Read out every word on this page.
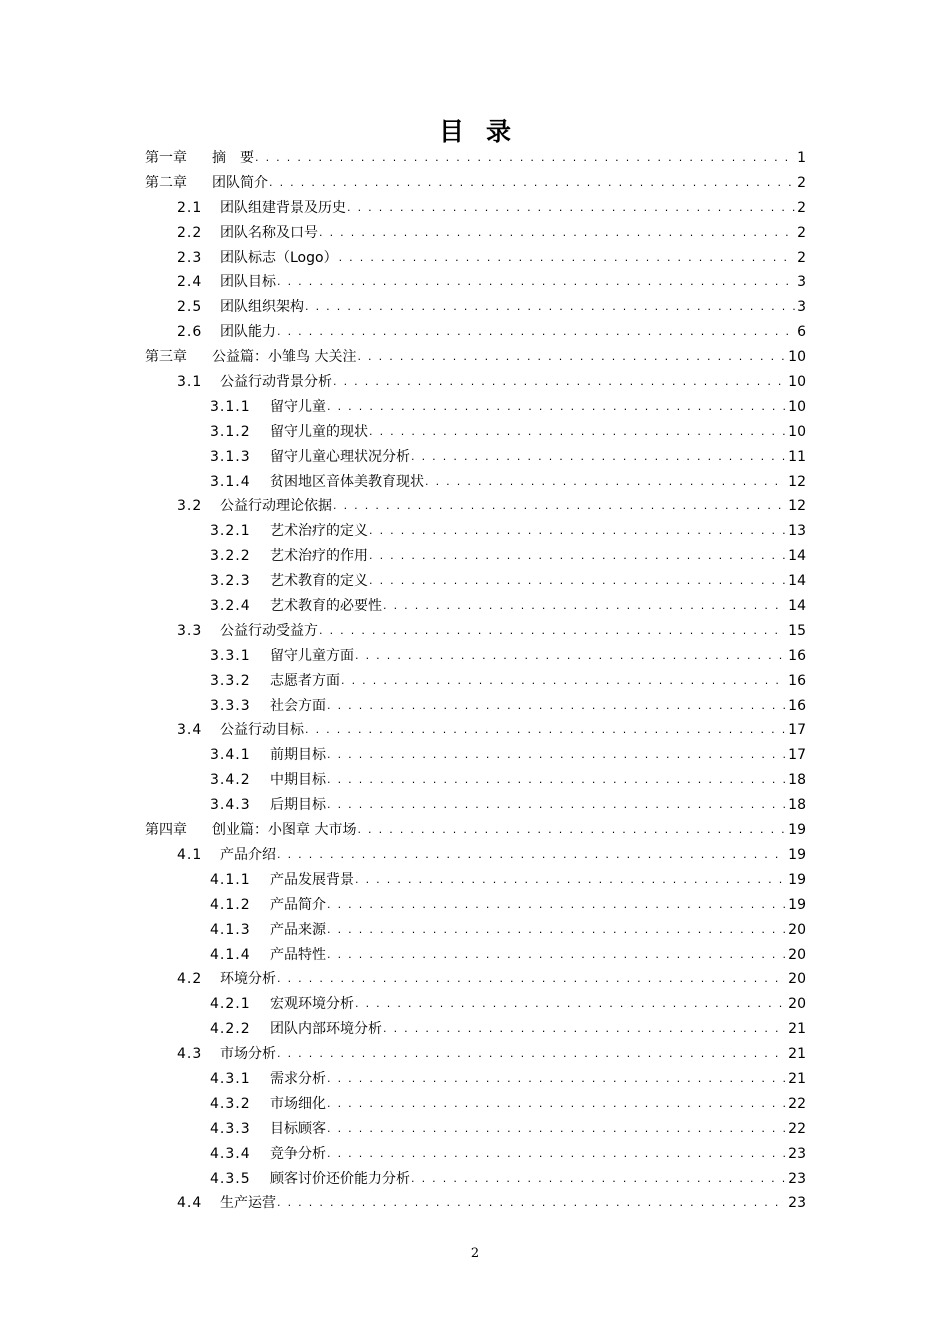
目录
第一章	摘　要 . . .	1
第二章	团队简介 . . .	2
2.1	团队组建背景及历史 . . .	2
2.2	团队名称及口号 . . .	2
2.3	团队标志（Logo） . . .	2
2.4	团队目标 . . .	3
2.5	团队组织架构 . . .	3
2.6	团队能力 . . .	6
第三章	公益篇：小雏鸟 大关注 . . .	10
3.1	公益行动背景分析 . . .	10
3.1.1	留守儿童 . . .	10
3.1.2	留守儿童的现状 . . .	10
3.1.3	留守儿童心理状况分析 . . .	11
3.1.4	贫困地区音体美教育现状 . . .	12
3.2	公益行动理论依据 . . .	12
3.2.1	艺术治疗的定义 . . .	13
3.2.2	艺术治疗的作用 . . .	14
3.2.3	艺术教育的定义 . . .	14
3.2.4	艺术教育的必要性 . . .	14
3.3	公益行动受益方 . . .	15
3.3.1	留守儿童方面 . . .	16
3.3.2	志愿者方面 . . .	16
3.3.3	社会方面 . . .	16
3.4	公益行动目标 . . .	17
3.4.1	前期目标 . . .	17
3.4.2	中期目标 . . .	18
3.4.3	后期目标 . . .	18
第四章	创业篇：小图章 大市场 . . .	19
4.1	产品介绍 . . .	19
4.1.1	产品发展背景 . . .	19
4.1.2	产品简介 . . .	19
4.1.3	产品来源 . . .	20
4.1.4	产品特性 . . .	20
4.2	环境分析 . . .	20
4.2.1	宏观环境分析 . . .	20
4.2.2	团队内部环境分析 . . .	21
4.3	市场分析 . . .	21
4.3.1	需求分析 . . .	21
4.3.2	市场细化 . . .	22
4.3.3	目标顾客 . . .	22
4.3.4	竞争分析 . . .	23
4.3.5	顾客讨价还价能力分析 . . .	23
4.4	生产运营 . . .	23
2
